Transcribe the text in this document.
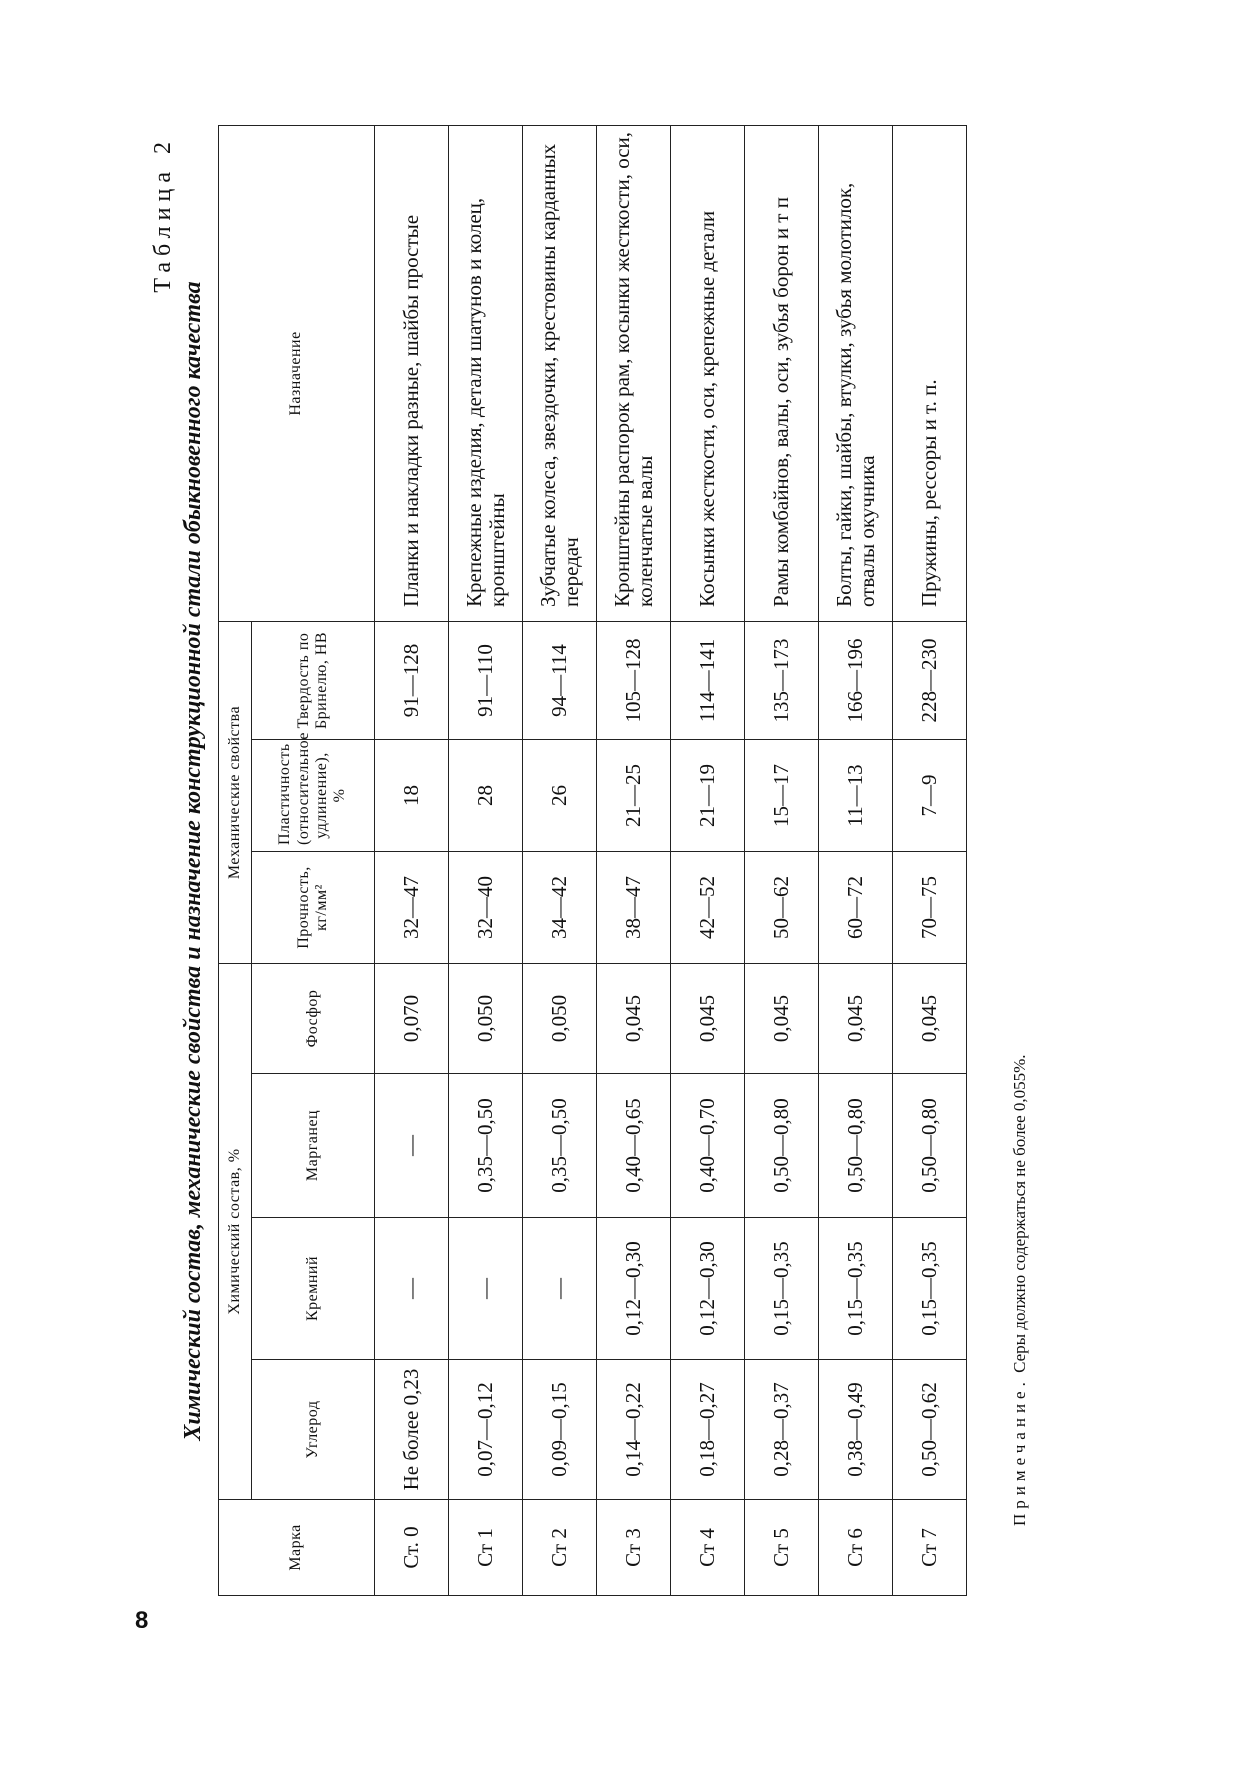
8
Таблица 2
Химический состав, механические свойства и назначение конструкционной стали обыкновенного качества
Марка	Химический состав, %				Механические свойства			Назначение
	Углерод	Кремний	Марганец	Фосфор	Прочность, кг/мм²	Пластичность (относительное удлинение), %	Твердость по Бринелю, HB	
Ст. 0	Не более 0,23	—	—	0,070	32—47	18	91—128	Планки и накладки разные, шайбы простые
Ст 1	0,07—0,12	—	0,35—0,50	0,050	32—40	28	91—110	Крепежные изделия, детали шатунов и колец, кронштейны
Ст 2	0,09—0,15	—	0,35—0,50	0,050	34—42	26	94—114	Зубчатые колеса, звездочки, крестовины карданных передач
Ст 3	0,14—0,22	0,12—0,30	0,40—0,65	0,045	38—47	21—25	105—128	Кронштейны распорок рам, косынки жесткости, оси, коленчатые валы
Ст 4	0,18—0,27	0,12—0,30	0,40—0,70	0,045	42—52	21—19	114—141	Косынки жесткости, оси, крепежные детали
Ст 5	0,28—0,37	0,15—0,35	0,50—0,80	0,045	50—62	15—17	135—173	Рамы комбайнов, валы, оси, зубья борон и т п
Ст 6	0,38—0,49	0,15—0,35	0,50—0,80	0,045	60—72	11—13	166—196	Болты, гайки, шайбы, втулки, зубья молотилок, отвалы окучника
Ст 7	0,50—0,62	0,15—0,35	0,50—0,80	0,045	70—75	7—9	228—230	Пружины, рессоры и т. п.
Примечание. Серы должно содержаться не более 0,055%.
